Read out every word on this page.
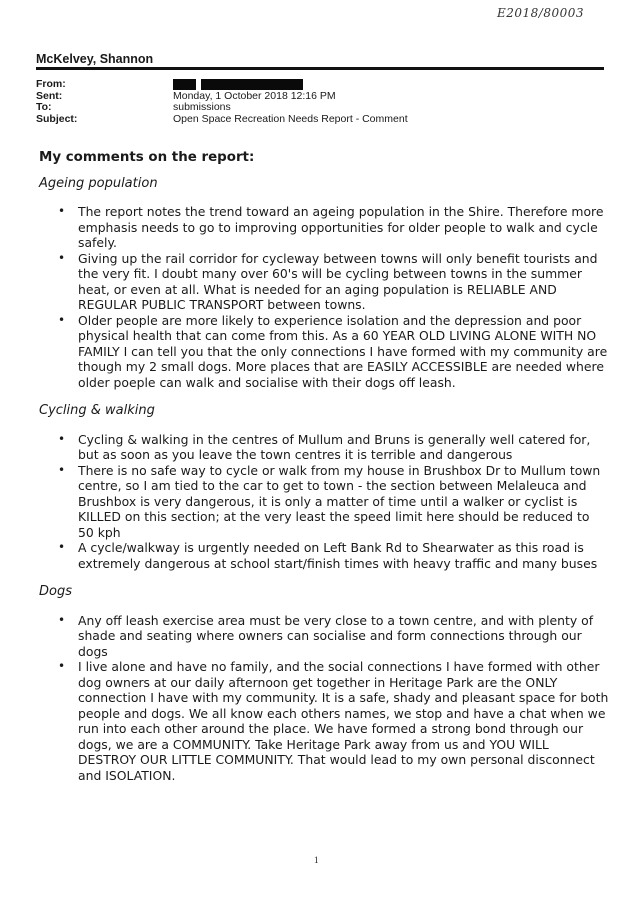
E2018/80003
McKelvey, Shannon
From:
Sent:	Monday, 1 October 2018 12:16 PM
To:	submissions
Subject:	Open Space Recreation Needs Report - Comment
My comments on the report:
Ageing population
• The report notes the trend toward an ageing population in the Shire. Therefore more emphasis needs to go to improving opportunities for older people to walk and cycle safely.
• Giving up the rail corridor for cycleway between towns will only benefit tourists and the very fit. I doubt many over 60's will be cycling between towns in the summer heat, or even at all. What is needed for an aging population is RELIABLE AND REGULAR PUBLIC TRANSPORT between towns.
• Older people are more likely to experience isolation and the depression and poor physical health that can come from this. As a 60 YEAR OLD LIVING ALONE WITH NO FAMILY I can tell you that the only connections I have formed with my community are though my 2 small dogs. More places that are EASILY ACCESSIBLE are needed where older poeple can walk and socialise with their dogs off leash.
Cycling & walking
• Cycling & walking in the centres of Mullum and Bruns is generally well catered for, but as soon as you leave the town centres it is terrible and dangerous
• There is no safe way to cycle or walk from my house in Brushbox Dr to Mullum town centre, so I am tied to the car to get to town - the section between Melaleuca and Brushbox is very dangerous, it is only a matter of time until a walker or cyclist is KILLED on this section; at the very least the speed limit here should be reduced to 50 kph
• A cycle/walkway is urgently needed on Left Bank Rd to Shearwater as this road is extremely dangerous at school start/finish times with heavy traffic and many buses
Dogs
• Any off leash exercise area must be very close to a town centre, and with plenty of shade and seating where owners can socialise and form connections through our dogs
• I live alone and have no family, and the social connections I have formed with other dog owners at our daily afternoon get together in Heritage Park are the ONLY connection I have with my community. It is a safe, shady and pleasant space for both people and dogs. We all know each others names, we stop and have a chat when we run into each other around the place. We have formed a strong bond through our dogs, we are a COMMUNITY. Take Heritage Park away from us and YOU WILL DESTROY OUR LITTLE COMMUNITY. That would lead to my own personal disconnect and ISOLATION.
1
